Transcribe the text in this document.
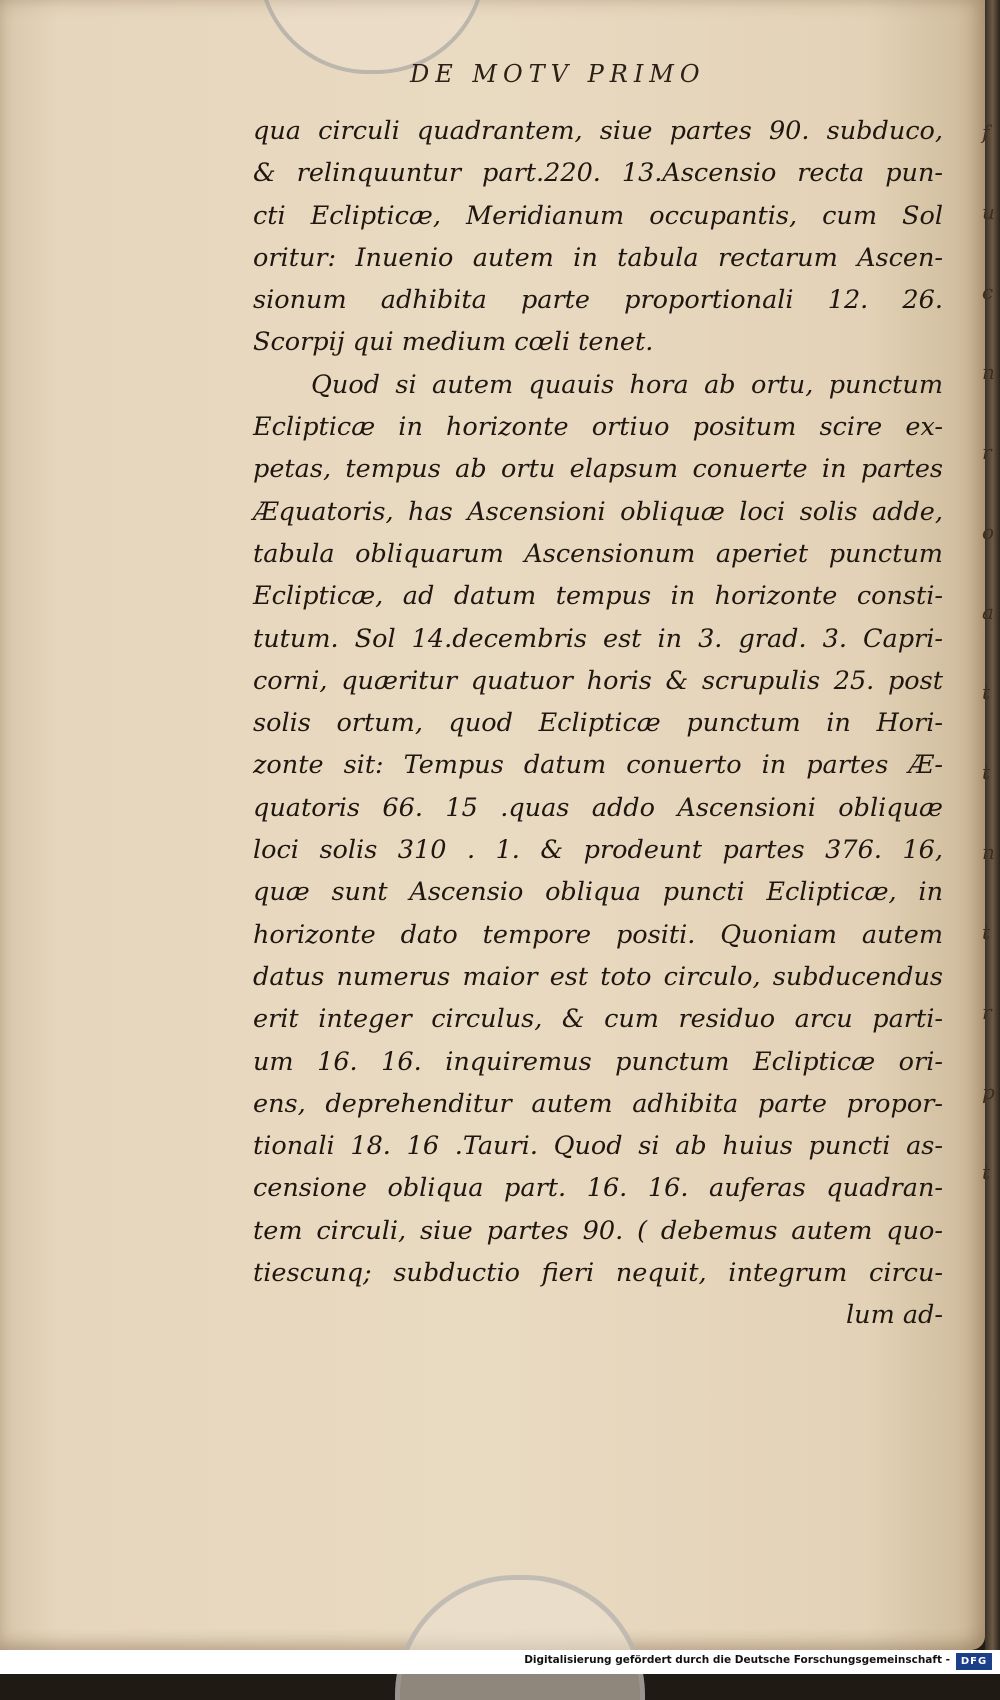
DE MOTV PRIMO
qua circuli quadrantem, siue partes 90. subduco,
& relinquuntur part.220. 13.Ascensio recta pun-
cti Eclipticæ, Meridianum occupantis, cum Sol
oritur: Inuenio autem in tabula rectarum Ascen-
sionum adhibita parte proportionali 12. 26.
Scorpij qui medium cœli tenet.
Quod si autem quauis hora ab ortu, punctum
Eclipticæ in horizonte ortiuo positum scire ex-
petas, tempus ab ortu elapsum conuerte in partes
Æquatoris, has Ascensioni obliquæ loci solis adde,
tabula obliquarum Ascensionum aperiet punctum
Eclipticæ, ad datum tempus in horizonte consti-
tutum. Sol 14.decembris est in 3. grad. 3. Capri-
corni, quæritur quatuor horis & scrupulis 25. post
solis ortum, quod Eclipticæ punctum in Hori-
zonte sit: Tempus datum conuerto in partes Æ-
quatoris 66. 15 .quas addo Ascensioni obliquæ
loci solis 310 . 1. & prodeunt partes 376. 16,
quæ sunt Ascensio obliqua puncti Eclipticæ, in
horizonte dato tempore positi. Quoniam autem
datus numerus maior est toto circulo, subducendus
erit integer circulus, & cum residuo arcu parti-
um 16. 16. inquiremus punctum Eclipticæ ori-
ens, deprehenditur autem adhibita parte propor-
tionali 18. 16 .Tauri. Quod si ab huius puncti as-
censione obliqua part. 16. 16. auferas quadran-
tem circuli, siue partes 90. ( debemus autem quo-
tiescunq; subductio fieri nequit, integrum circu-
lum ad-
f
u
c
n
r
o
a
t
t
n
t
r
p
t
Digitalisierung gefördert durch die Deutsche Forschungsgemeinschaft -	DFG
